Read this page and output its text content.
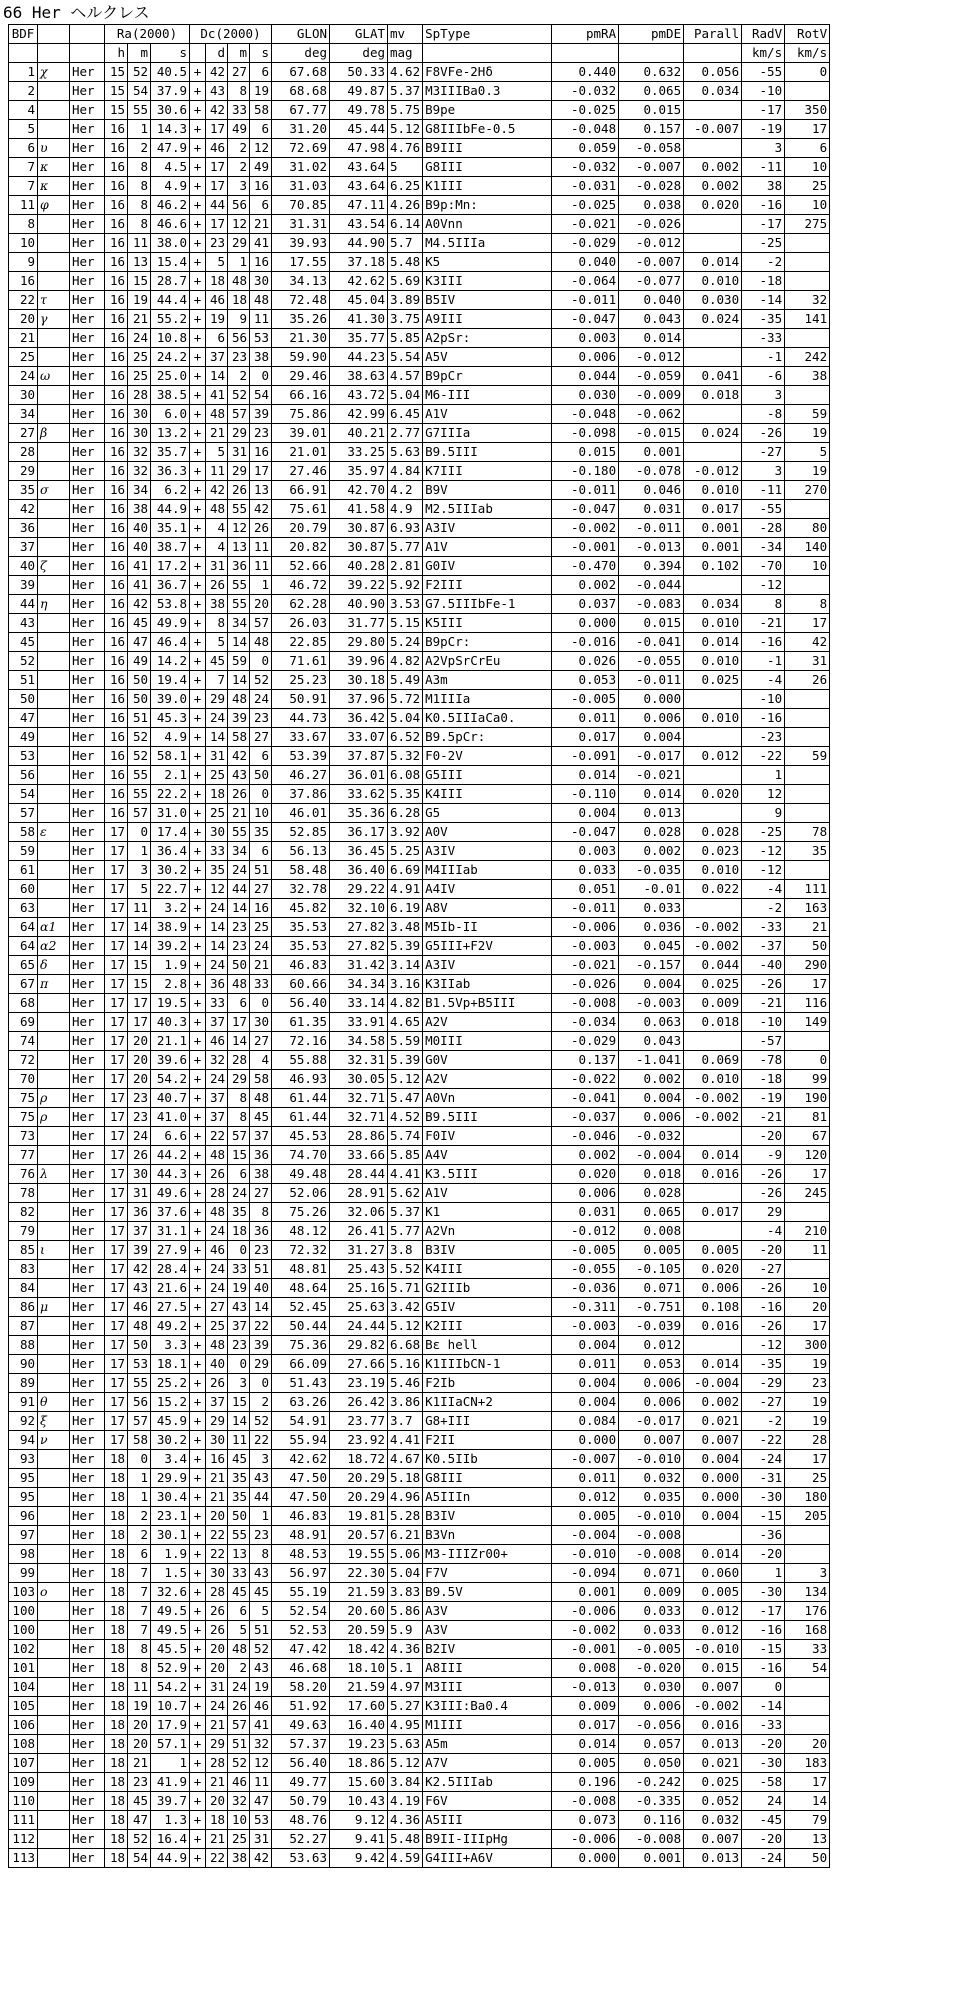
66 Her ヘルクレス
BDF			Ra(2000)			Dc(2000)				GLON	GLAT	mv	SpType	pmRA	pmDE	Parall	RadV	RotV
			h	m	s		d	m	s	deg	deg	mag					km/s	km/s
1	χ	Her	15	52	40.5	+	42	27	6	67.68	50.33	4.62	F8VFe-2Hδ	0.440	0.632	0.056	-55	0
2		Her	15	54	37.9	+	43	8	19	68.68	49.87	5.37	M3IIIBa0.3	-0.032	0.065	0.034	-10	
4		Her	15	55	30.6	+	42	33	58	67.77	49.78	5.75	B9pe	-0.025	0.015		-17	350
5		Her	16	1	14.3	+	17	49	6	31.20	45.44	5.12	G8IIIbFe-0.5	-0.048	0.157	-0.007	-19	17
6	υ	Her	16	2	47.9	+	46	2	12	72.69	47.98	4.76	B9III	0.059	-0.058		3	6
7	κ	Her	16	8	4.5	+	17	2	49	31.02	43.64	5	G8III	-0.032	-0.007	0.002	-11	10
7	κ	Her	16	8	4.9	+	17	3	16	31.03	43.64	6.25	K1III	-0.031	-0.028	0.002	38	25
11	φ	Her	16	8	46.2	+	44	56	6	70.85	47.11	4.26	B9p:Mn:	-0.025	0.038	0.020	-16	10
8		Her	16	8	46.6	+	17	12	21	31.31	43.54	6.14	A0Vnn	-0.021	-0.026		-17	275
10		Her	16	11	38.0	+	23	29	41	39.93	44.90	5.7	M4.5IIIa	-0.029	-0.012		-25	
9		Her	16	13	15.4	+	5	1	16	17.55	37.18	5.48	K5	0.040	-0.007	0.014	-2	
16		Her	16	15	28.7	+	18	48	30	34.13	42.62	5.69	K3III	-0.064	-0.077	0.010	-18	
22	τ	Her	16	19	44.4	+	46	18	48	72.48	45.04	3.89	B5IV	-0.011	0.040	0.030	-14	32
20	γ	Her	16	21	55.2	+	19	9	11	35.26	41.30	3.75	A9III	-0.047	0.043	0.024	-35	141
21		Her	16	24	10.8	+	6	56	53	21.30	35.77	5.85	A2pSr:	0.003	0.014		-33	
25		Her	16	25	24.2	+	37	23	38	59.90	44.23	5.54	A5V	0.006	-0.012		-1	242
24	ω	Her	16	25	25.0	+	14	2	0	29.46	38.63	4.57	B9pCr	0.044	-0.059	0.041	-6	38
30		Her	16	28	38.5	+	41	52	54	66.16	43.72	5.04	M6-III	0.030	-0.009	0.018	3	
34		Her	16	30	6.0	+	48	57	39	75.86	42.99	6.45	A1V	-0.048	-0.062		-8	59
27	β	Her	16	30	13.2	+	21	29	23	39.01	40.21	2.77	G7IIIa	-0.098	-0.015	0.024	-26	19
28		Her	16	32	35.7	+	5	31	16	21.01	33.25	5.63	B9.5III	0.015	0.001		-27	5
29		Her	16	32	36.3	+	11	29	17	27.46	35.97	4.84	K7III	-0.180	-0.078	-0.012	3	19
35	σ	Her	16	34	6.2	+	42	26	13	66.91	42.70	4.2	B9V	-0.011	0.046	0.010	-11	270
42		Her	16	38	44.9	+	48	55	42	75.61	41.58	4.9	M2.5IIIab	-0.047	0.031	0.017	-55	
36		Her	16	40	35.1	+	4	12	26	20.79	30.87	6.93	A3IV	-0.002	-0.011	0.001	-28	80
37		Her	16	40	38.7	+	4	13	11	20.82	30.87	5.77	A1V	-0.001	-0.013	0.001	-34	140
40	ζ	Her	16	41	17.2	+	31	36	11	52.66	40.28	2.81	G0IV	-0.470	0.394	0.102	-70	10
39		Her	16	41	36.7	+	26	55	1	46.72	39.22	5.92	F2III	0.002	-0.044		-12	
44	η	Her	16	42	53.8	+	38	55	20	62.28	40.90	3.53	G7.5IIIbFe-1	0.037	-0.083	0.034	8	8
43		Her	16	45	49.9	+	8	34	57	26.03	31.77	5.15	K5III	0.000	0.015	0.010	-21	17
45		Her	16	47	46.4	+	5	14	48	22.85	29.80	5.24	B9pCr:	-0.016	-0.041	0.014	-16	42
52		Her	16	49	14.2	+	45	59	0	71.61	39.96	4.82	A2VpSrCrEu	0.026	-0.055	0.010	-1	31
51		Her	16	50	19.4	+	7	14	52	25.23	30.18	5.49	A3m	0.053	-0.011	0.025	-4	26
50		Her	16	50	39.0	+	29	48	24	50.91	37.96	5.72	M1IIIa	-0.005	0.000		-10	
47		Her	16	51	45.3	+	24	39	23	44.73	36.42	5.04	K0.5IIIaCa0.	0.011	0.006	0.010	-16	
49		Her	16	52	4.9	+	14	58	27	33.67	33.07	6.52	B9.5pCr:	0.017	0.004		-23	
53		Her	16	52	58.1	+	31	42	6	53.39	37.87	5.32	F0-2V	-0.091	-0.017	0.012	-22	59
56		Her	16	55	2.1	+	25	43	50	46.27	36.01	6.08	G5III	0.014	-0.021		1	
54		Her	16	55	22.2	+	18	26	0	37.86	33.62	5.35	K4III	-0.110	0.014	0.020	12	
57		Her	16	57	31.0	+	25	21	10	46.01	35.36	6.28	G5	0.004	0.013		9	
58	ε	Her	17	0	17.4	+	30	55	35	52.85	36.17	3.92	A0V	-0.047	0.028	0.028	-25	78
59		Her	17	1	36.4	+	33	34	6	56.13	36.45	5.25	A3IV	0.003	0.002	0.023	-12	35
61		Her	17	3	30.2	+	35	24	51	58.48	36.40	6.69	M4IIIab	0.033	-0.035	0.010	-12	
60		Her	17	5	22.7	+	12	44	27	32.78	29.22	4.91	A4IV	0.051	-0.01	0.022	-4	111
63		Her	17	11	3.2	+	24	14	16	45.82	32.10	6.19	A8V	-0.011	0.033		-2	163
64	α1	Her	17	14	38.9	+	14	23	25	35.53	27.82	3.48	M5Ib-II	-0.006	0.036	-0.002	-33	21
64	α2	Her	17	14	39.2	+	14	23	24	35.53	27.82	5.39	G5III+F2V	-0.003	0.045	-0.002	-37	50
65	δ	Her	17	15	1.9	+	24	50	21	46.83	31.42	3.14	A3IV	-0.021	-0.157	0.044	-40	290
67	π	Her	17	15	2.8	+	36	48	33	60.66	34.34	3.16	K3IIab	-0.026	0.004	0.025	-26	17
68		Her	17	17	19.5	+	33	6	0	56.40	33.14	4.82	B1.5Vp+B5III	-0.008	-0.003	0.009	-21	116
69		Her	17	17	40.3	+	37	17	30	61.35	33.91	4.65	A2V	-0.034	0.063	0.018	-10	149
74		Her	17	20	21.1	+	46	14	27	72.16	34.58	5.59	M0III	-0.029	0.043		-57	
72		Her	17	20	39.6	+	32	28	4	55.88	32.31	5.39	G0V	0.137	-1.041	0.069	-78	0
70		Her	17	20	54.2	+	24	29	58	46.93	30.05	5.12	A2V	-0.022	0.002	0.010	-18	99
75	ρ	Her	17	23	40.7	+	37	8	48	61.44	32.71	5.47	A0Vn	-0.041	0.004	-0.002	-19	190
75	ρ	Her	17	23	41.0	+	37	8	45	61.44	32.71	4.52	B9.5III	-0.037	0.006	-0.002	-21	81
73		Her	17	24	6.6	+	22	57	37	45.53	28.86	5.74	F0IV	-0.046	-0.032		-20	67
77		Her	17	26	44.2	+	48	15	36	74.70	33.66	5.85	A4V	0.002	-0.004	0.014	-9	120
76	λ	Her	17	30	44.3	+	26	6	38	49.48	28.44	4.41	K3.5III	0.020	0.018	0.016	-26	17
78		Her	17	31	49.6	+	28	24	27	52.06	28.91	5.62	A1V	0.006	0.028		-26	245
82		Her	17	36	37.6	+	48	35	8	75.26	32.06	5.37	K1	0.031	0.065	0.017	29	
79		Her	17	37	31.1	+	24	18	36	48.12	26.41	5.77	A2Vn	-0.012	0.008		-4	210
85	ι	Her	17	39	27.9	+	46	0	23	72.32	31.27	3.8	B3IV	-0.005	0.005	0.005	-20	11
83		Her	17	42	28.4	+	24	33	51	48.81	25.43	5.52	K4III	-0.055	-0.105	0.020	-27	
84		Her	17	43	21.6	+	24	19	40	48.64	25.16	5.71	G2IIIb	-0.036	0.071	0.006	-26	10
86	μ	Her	17	46	27.5	+	27	43	14	52.45	25.63	3.42	G5IV	-0.311	-0.751	0.108	-16	20
87		Her	17	48	49.2	+	25	37	22	50.44	24.44	5.12	K2III	-0.003	-0.039	0.016	-26	17
88		Her	17	50	3.3	+	48	23	39	75.36	29.82	6.68	Bε hell	0.004	0.012		-12	300
90		Her	17	53	18.1	+	40	0	29	66.09	27.66	5.16	K1IIIbCN-1	0.011	0.053	0.014	-35	19
89		Her	17	55	25.2	+	26	3	0	51.43	23.19	5.46	F2Ib	0.004	0.006	-0.004	-29	23
91	θ	Her	17	56	15.2	+	37	15	2	63.26	26.42	3.86	K1IIaCN+2	0.004	0.006	0.002	-27	19
92	ξ	Her	17	57	45.9	+	29	14	52	54.91	23.77	3.7	G8+III	0.084	-0.017	0.021	-2	19
94	ν	Her	17	58	30.2	+	30	11	22	55.94	23.92	4.41	F2II	0.000	0.007	0.007	-22	28
93		Her	18	0	3.4	+	16	45	3	42.62	18.72	4.67	K0.5IIb	-0.007	-0.010	0.004	-24	17
95		Her	18	1	29.9	+	21	35	43	47.50	20.29	5.18	G8III	0.011	0.032	0.000	-31	25
95		Her	18	1	30.4	+	21	35	44	47.50	20.29	4.96	A5IIIn	0.012	0.035	0.000	-30	180
96		Her	18	2	23.1	+	20	50	1	46.83	19.81	5.28	B3IV	0.005	-0.010	0.004	-15	205
97		Her	18	2	30.1	+	22	55	23	48.91	20.57	6.21	B3Vn	-0.004	-0.008		-36	
98		Her	18	6	1.9	+	22	13	8	48.53	19.55	5.06	M3-IIIZr00+	-0.010	-0.008	0.014	-20	
99		Her	18	7	1.5	+	30	33	43	56.97	22.30	5.04	F7V	-0.094	0.071	0.060	1	3
103	ο	Her	18	7	32.6	+	28	45	45	55.19	21.59	3.83	B9.5V	0.001	0.009	0.005	-30	134
100		Her	18	7	49.5	+	26	6	5	52.54	20.60	5.86	A3V	-0.006	0.033	0.012	-17	176
100		Her	18	7	49.5	+	26	5	51	52.53	20.59	5.9	A3V	-0.002	0.033	0.012	-16	168
102		Her	18	8	45.5	+	20	48	52	47.42	18.42	4.36	B2IV	-0.001	-0.005	-0.010	-15	33
101		Her	18	8	52.9	+	20	2	43	46.68	18.10	5.1	A8III	0.008	-0.020	0.015	-16	54
104		Her	18	11	54.2	+	31	24	19	58.20	21.59	4.97	M3III	-0.013	0.030	0.007	0	
105		Her	18	19	10.7	+	24	26	46	51.92	17.60	5.27	K3III:Ba0.4	0.009	0.006	-0.002	-14	
106		Her	18	20	17.9	+	21	57	41	49.63	16.40	4.95	M1III	0.017	-0.056	0.016	-33	
108		Her	18	20	57.1	+	29	51	32	57.37	19.23	5.63	A5m	0.014	0.057	0.013	-20	20
107		Her	18	21	1	+	28	52	12	56.40	18.86	5.12	A7V	0.005	0.050	0.021	-30	183
109		Her	18	23	41.9	+	21	46	11	49.77	15.60	3.84	K2.5IIIab	0.196	-0.242	0.025	-58	17
110		Her	18	45	39.7	+	20	32	47	50.79	10.43	4.19	F6V	-0.008	-0.335	0.052	24	14
111		Her	18	47	1.3	+	18	10	53	48.76	9.12	4.36	A5III	0.073	0.116	0.032	-45	79
112		Her	18	52	16.4	+	21	25	31	52.27	9.41	5.48	B9II-IIIpHg	-0.006	-0.008	0.007	-20	13
113		Her	18	54	44.9	+	22	38	42	53.63	9.42	4.59	G4III+A6V	0.000	0.001	0.013	-24	50
